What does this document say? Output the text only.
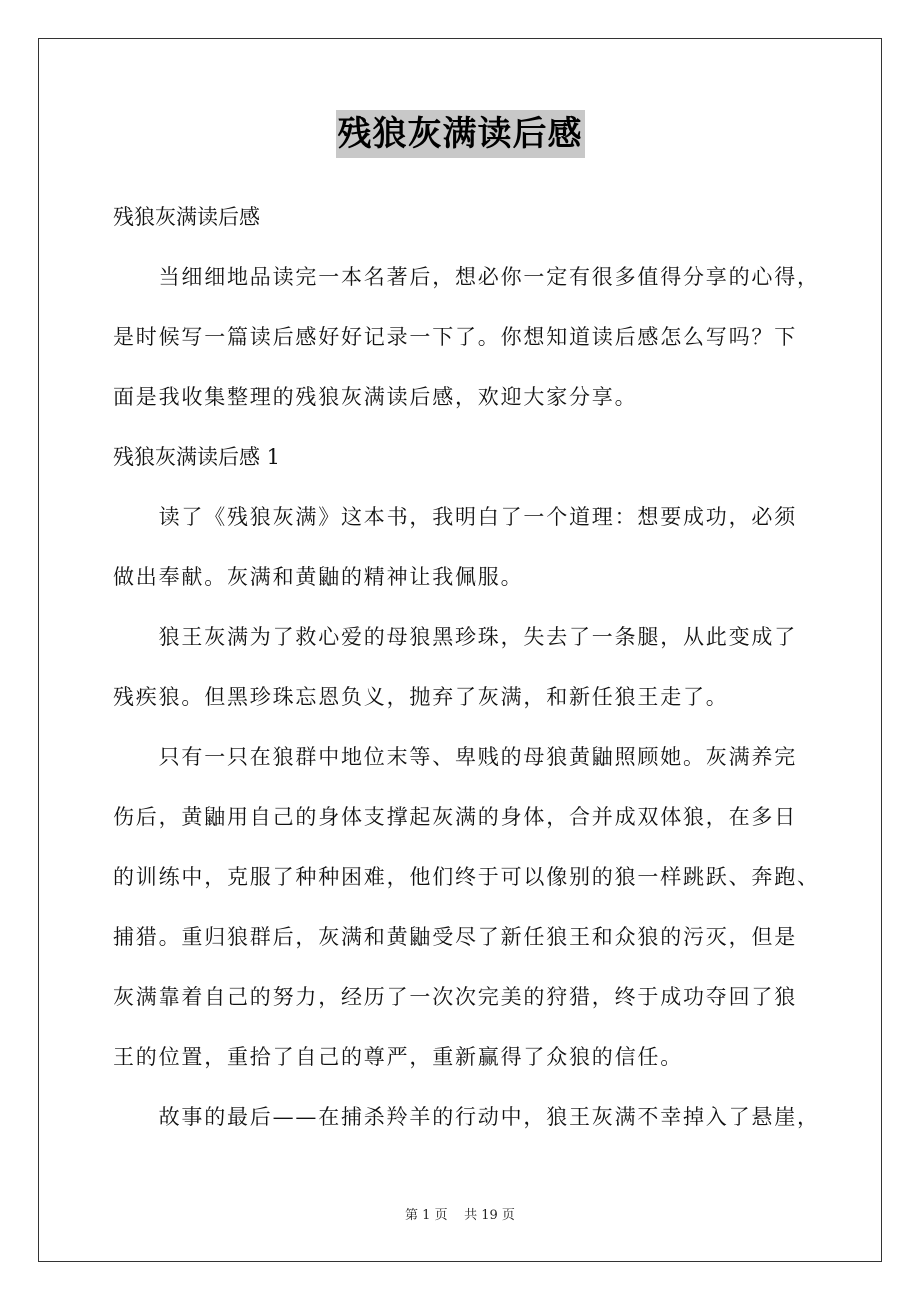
残狼灰满读后感
残狼灰满读后感
　　当细细地品读完一本名著后，想必你一定有很多值得分享的心得，
是时候写一篇读后感好好记录一下了。你想知道读后感怎么写吗？下
面是我收集整理的残狼灰满读后感，欢迎大家分享。
残狼灰满读后感 1
　　读了《残狼灰满》这本书，我明白了一个道理：想要成功，必须
做出奉献。灰满和黄鼬的精神让我佩服。
　　狼王灰满为了救心爱的母狼黑珍珠，失去了一条腿，从此变成了
残疾狼。但黑珍珠忘恩负义，抛弃了灰满，和新任狼王走了。
　　只有一只在狼群中地位末等、卑贱的母狼黄鼬照顾她。灰满养完
伤后，黄鼬用自己的身体支撑起灰满的身体，合并成双体狼，在多日
的训练中，克服了种种困难，他们终于可以像别的狼一样跳跃、奔跑、
捕猎。重归狼群后，灰满和黄鼬受尽了新任狼王和众狼的污灭，但是
灰满靠着自己的努力，经历了一次次完美的狩猎，终于成功夺回了狼
王的位置，重拾了自己的尊严，重新赢得了众狼的信任。
　　故事的最后——在捕杀羚羊的行动中，狼王灰满不幸掉入了悬崖，
第 1 页 共 19 页
